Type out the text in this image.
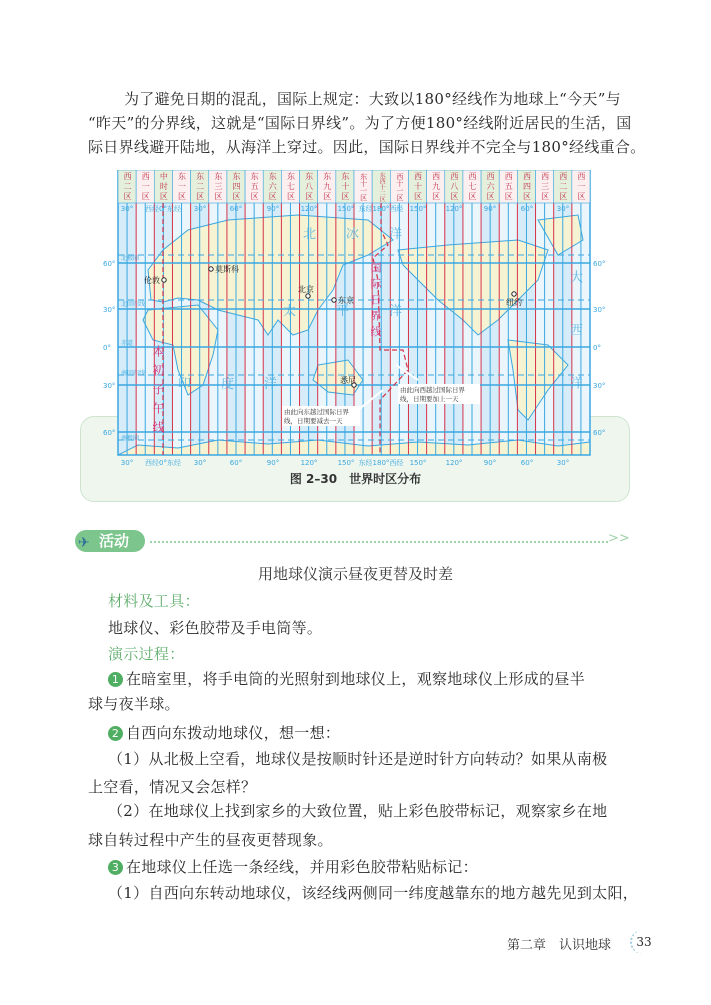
为了避免日期的混乱，国际上规定：大致以180°经线作为地球上“今天”与
“昨天”的分界线，这就是“国际日界线”。为了方便180°经线附近居民的生活，国
际日界线避开陆地，从海洋上穿过。因此，国际日界线并不完全与180°经线重合。
30°
30°
西经0°东经
西经0°东经
30°
30°
60°
60°
90°
90°
120°
120°
150°
150°
东经180°西经
东经180°西经
150°
150°
120°
120°
90°
90°
60°
60°
30°
30°
60°	60°
30°	30°
0°	0°
30°	30°
60°	60°
北极圈
北回归线
赤道
南回归线
南极圈
北冰洋
太平洋
印度洋
伦敦
莫斯科
北京
东京	纽约
悉尼
由此向东越过国际日界线，日期要减去一天
由此向西越过国际日界线，日期要加上一天
西二区 西一区 中时区 东一区 东二区 东三区 东四区 东五区 东六区 东七区 东八区 东九区 东十区 东十一区 东西十二区 西十一区 西十区 西九区 西八区 西七区 西六区 西五区 西四区 西三区 西二区 西一区
本初子午线
国际日界线	大西洋
图 2–30　世界时区分布
✈ 活动	>>
用地球仪演示昼夜更替及时差
材料及工具：
地球仪、彩色胶带及手电筒等。
演示过程：
1 在暗室里，将手电筒的光照射到地球仪上，观察地球仪上形成的昼半
球与夜半球。
2 自西向东拨动地球仪，想一想：
（1）从北极上空看，地球仪是按顺时针还是逆时针方向转动？如果从南极
上空看，情况又会怎样？
（2）在地球仪上找到家乡的大致位置，贴上彩色胶带标记，观察家乡在地
球自转过程中产生的昼夜更替现象。
3 在地球仪上任选一条经线，并用彩色胶带粘贴标记：
（1）自西向东转动地球仪，该经线两侧同一纬度越靠东的地方越先见到太阳，
第二章　认识地球	33
